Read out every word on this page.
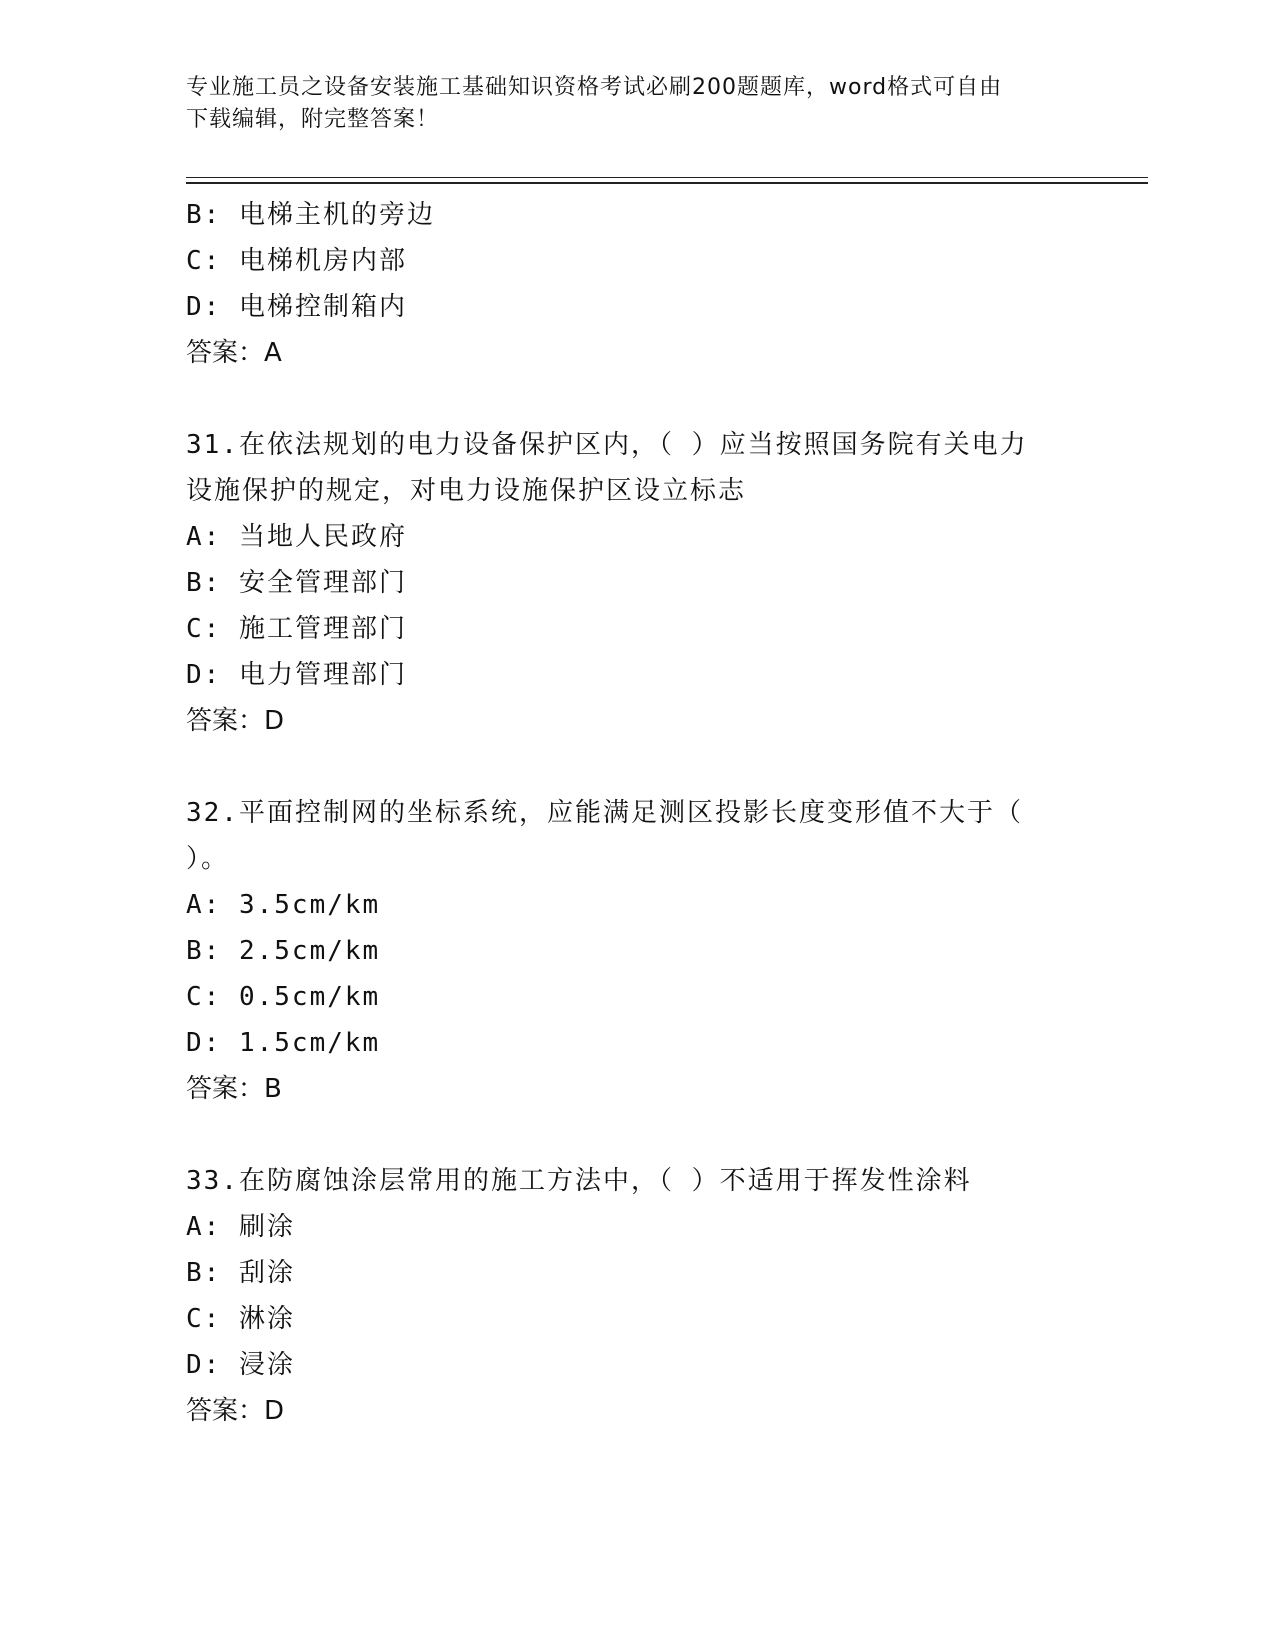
专业施工员之设备安装施工基础知识资格考试必刷200题题库，word格式可自由
下载编辑，附完整答案！
B: 电梯主机的旁边
C: 电梯机房内部
D: 电梯控制箱内
答案：A
31.在依法规划的电力设备保护区内，（ ）应当按照国务院有关电力
设施保护的规定，对电力设施保护区设立标志
A: 当地人民政府
B: 安全管理部门
C: 施工管理部门
D: 电力管理部门
答案：D
32.平面控制网的坐标系统，应能满足测区投影长度变形值不大于（
）。
A: 3.5cm/km
B: 2.5cm/km
C: 0.5cm/km
D: 1.5cm/km
答案：B
33.在防腐蚀涂层常用的施工方法中，（ ）不适用于挥发性涂料
A: 刷涂
B: 刮涂
C: 淋涂
D: 浸涂
答案：D
